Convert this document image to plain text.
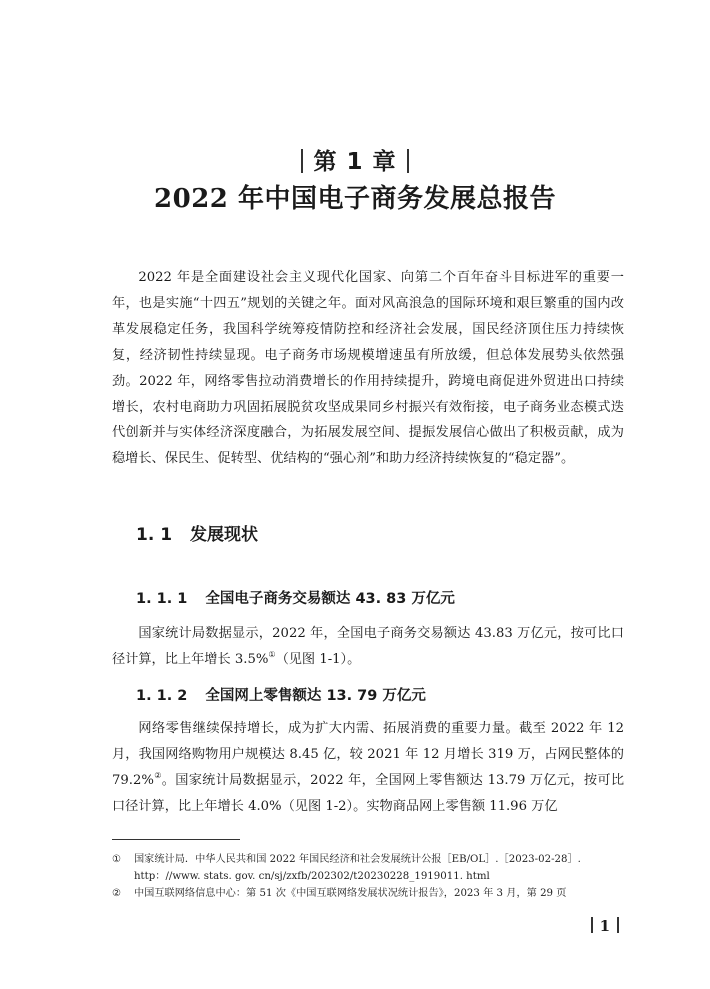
第 1 章
2022 年中国电子商务发展总报告

2022 年是全面建设社会主义现代化国家、向第二个百年奋斗目标进军的重要一年，也是实施“十四五”规划的关键之年。面对风高浪急的国际环境和艰巨繁重的国内改革发展稳定任务，我国科学统筹疫情防控和经济社会发展，国民经济顶住压力持续恢复，经济韧性持续显现。电子商务市场规模增速虽有所放缓，但总体发展势头依然强劲。2022 年，网络零售拉动消费增长的作用持续提升，跨境电商促进外贸进出口持续增长，农村电商助力巩固拓展脱贫攻坚成果同乡村振兴有效衔接，电子商务业态模式迭代创新并与实体经济深度融合，为拓展发展空间、提振发展信心做出了积极贡献，成为稳增长、保民生、促转型、优结构的“强心剂”和助力经济持续恢复的“稳定器”。

1. 1 发展现状
1. 1. 1 全国电子商务交易额达 43. 83 万亿元

国家统计局数据显示，2022 年，全国电子商务交易额达 43.83 万亿元，按可比口径计算，比上年增长 3.5%①（见图 1-1）。

1. 1. 2 全国网上零售额达 13. 79 万亿元

网络零售继续保持增长，成为扩大内需、拓展消费的重要力量。截至 2022 年 12 月，我国网络购物用户规模达 8.45 亿，较 2021 年 12 月增长 319 万，占网民整体的 79.2%②。国家统计局数据显示，2022 年，全国网上零售额达 13.79 万亿元，按可比口径计算，比上年增长 4.0%（见图 1-2）。实物商品网上零售额 11.96 万亿

① 国家统计局．中华人民共和国 2022 年国民经济和社会发展统计公报［EB/OL］.［2023-02-28］. http：//www. stats. gov. cn/sj/zxfb/202302/t20230228_1919011. html

② 中国互联网络信息中心：第 51 次《中国互联网络发展状况统计报告》，2023 年 3 月，第 29 页

1
